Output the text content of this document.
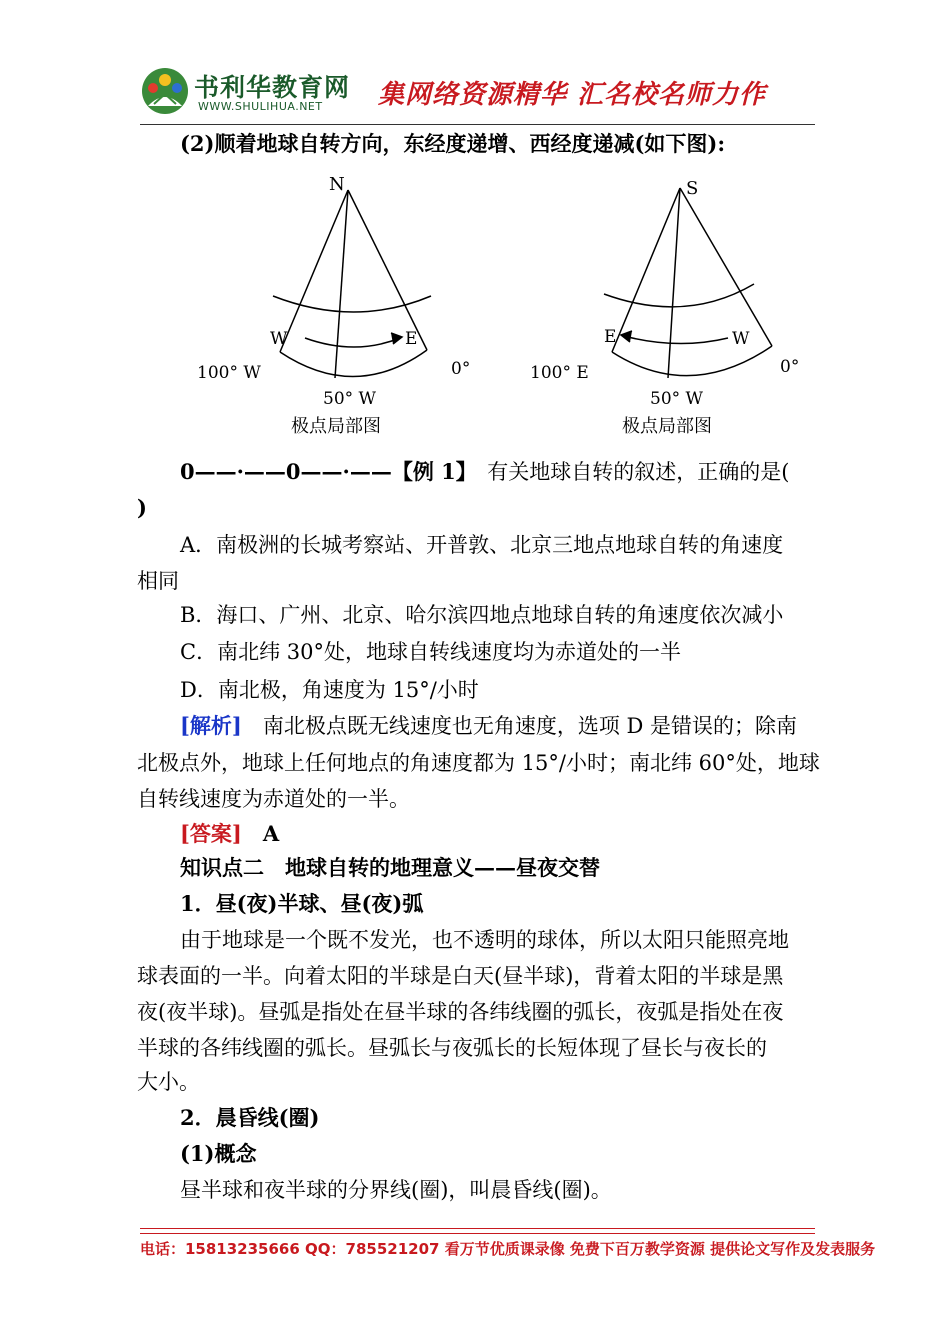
书利华教育网
WWW.SHULIHUA.NET 集网络资源精华 汇名校名师力作
(2)顺着地球自转方向，东经度递增、西经度递减(如下图):
N
W	E
100° W	0°
50° W
极点局部图
S
E	W
100° E	0°
50° W
极点局部图
0——·——0——·——【例 1】　有关地球自转的叙述，正确的是(
)
A．南极洲的长城考察站、开普敦、北京三地点地球自转的角速度
相同
B．海口、广州、北京、哈尔滨四地点地球自转的角速度依次减小
C．南北纬 30°处，地球自转线速度均为赤道处的一半
D．南北极，角速度为 15°/小时
[解析]　南北极点既无线速度也无角速度，选项 D 是错误的；除南
北极点外，地球上任何地点的角速度都为 15°/小时；南北纬 60°处，地球
自转线速度为赤道处的一半。
[答案]　A
知识点二　地球自转的地理意义——昼夜交替
1．昼(夜)半球、昼(夜)弧
由于地球是一个既不发光，也不透明的球体，所以太阳只能照亮地
球表面的一半。向着太阳的半球是白天(昼半球)，背着太阳的半球是黑
夜(夜半球)。昼弧是指处在昼半球的各纬线圈的弧长，夜弧是指处在夜
半球的各纬线圈的弧长。昼弧长与夜弧长的长短体现了昼长与夜长的
大小。
2．晨昏线(圈)
(1)概念
昼半球和夜半球的分界线(圈)，叫晨昏线(圈)。
电话：15813235666 QQ：785521207 看万节优质课录像 免费下百万教学资源 提供论文写作及发表服务
